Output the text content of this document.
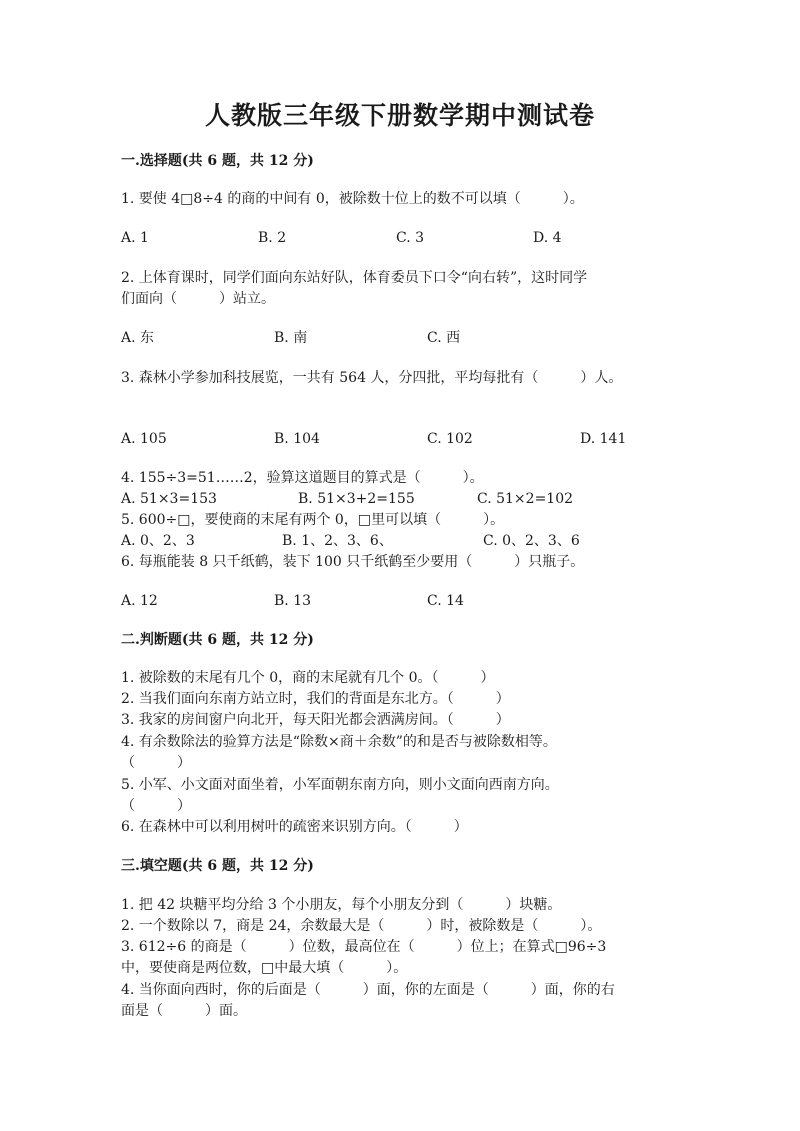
人教版三年级下册数学期中测试卷
一.选择题(共 6 题，共 12 分)
1. 要使 4□8÷4 的商的中间有 0，被除数十位上的数不可以填（　　　）。
A. 1	B. 2	C. 3	D. 4
2. 上体育课时，同学们面向东站好队，体育委员下口令“向右转”，这时同学
们面向（　　　）站立。
A. 东	B. 南	C. 西
3. 森林小学参加科技展览，一共有 564 人，分四批，平均每批有（　　　）人。
A. 105	B. 104	C. 102	D. 141
4. 155÷3=51……2，验算这道题目的算式是（　　　）。
A. 51×3=153	B. 51×3+2=155	C. 51×2=102
5. 600÷□，要使商的末尾有两个 0，□里可以填（　　　）。
A. 0、2、3	B. 1、2、3、6、	C. 0、2、3、6
6. 每瓶能装 8 只千纸鹤，装下 100 只千纸鹤至少要用（　　　）只瓶子。
A. 12	B. 13	C. 14
二.判断题(共 6 题，共 12 分)
1. 被除数的末尾有几个 0，商的末尾就有几个 0。（　　　）
2. 当我们面向东南方站立时，我们的背面是东北方。（　　　）
3. 我家的房间窗户向北开，每天阳光都会洒满房间。（　　　）
4. 有余数除法的验算方法是“除数×商＋余数”的和是否与被除数相等。
（　　　）
5. 小军、小文面对面坐着，小军面朝东南方向，则小文面向西南方向。
（　　　）
6. 在森林中可以利用树叶的疏密来识别方向。（　　　）
三.填空题(共 6 题，共 12 分)
1. 把 42 块糖平均分给 3 个小朋友，每个小朋友分到（　　　）块糖。
2. 一个数除以 7，商是 24，余数最大是（　　　）时，被除数是（　　　）。
3. 612÷6 的商是（　　　）位数，最高位在（　　　）位上；在算式□96÷3
中，要使商是两位数，□中最大填（　　　）。
4. 当你面向西时，你的后面是（　　　）面，你的左面是（　　　）面，你的右
面是（　　　）面。
